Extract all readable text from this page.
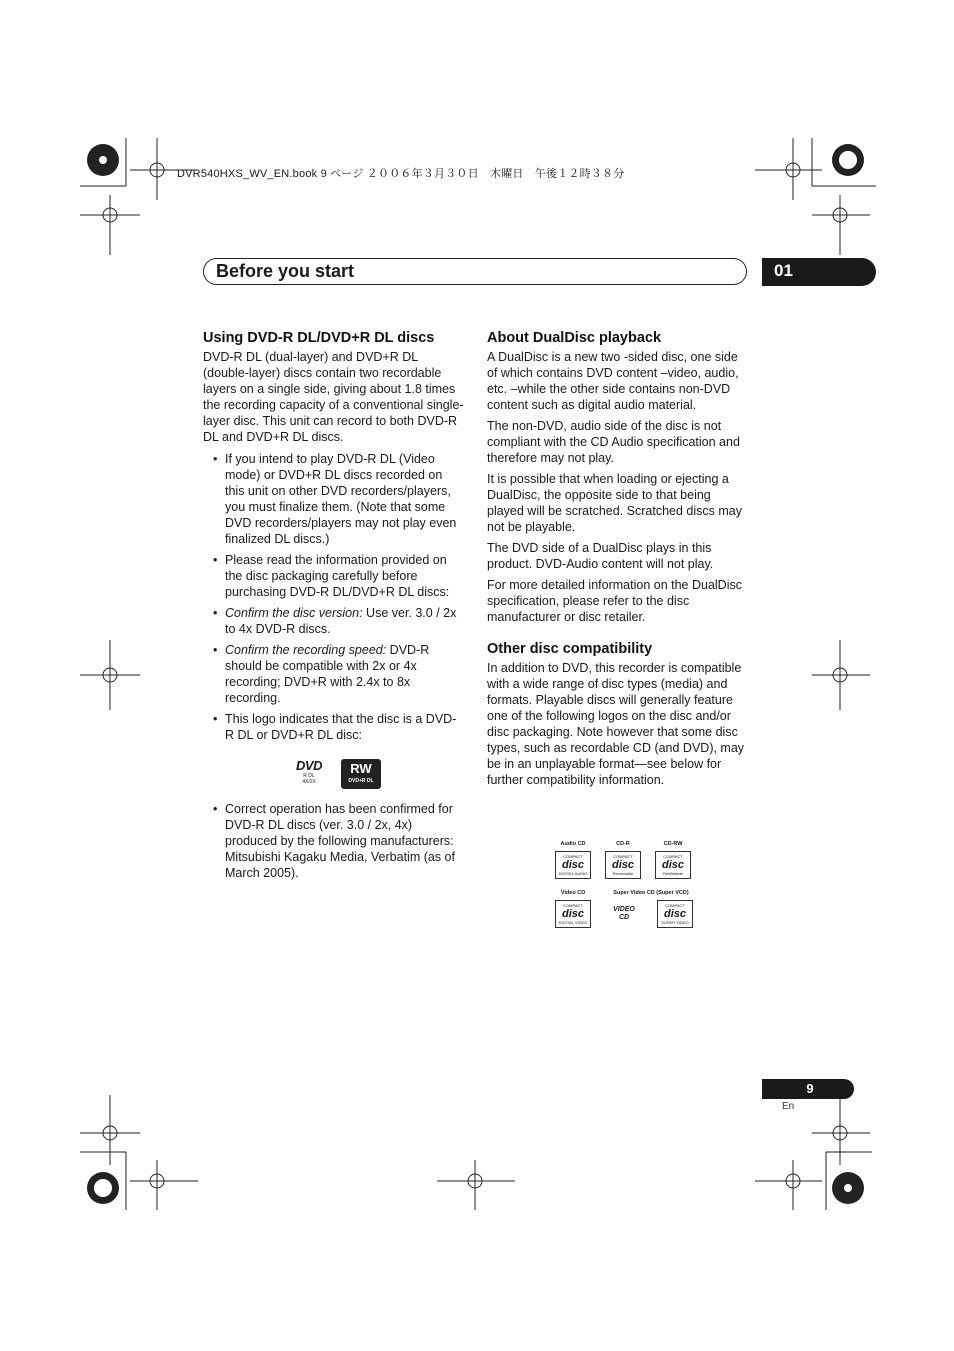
DVR540HXS_WV_EN.book 9 ページ ２００６年３月３０日　木曜日　午後１２時３８分
Before you start	01
Using DVD-R DL/DVD+R DL discs

DVD-R DL (dual-layer) and DVD+R DL (double-layer) discs contain two recordable layers on a single side, giving about 1.8 times the recording capacity of a conventional single-layer disc. This unit can record to both DVD-R DL and DVD+R DL discs.

• If you intend to play DVD-R DL (Video mode) or DVD+R DL discs recorded on this unit on other DVD recorders/players, you must finalize them. (Note that some DVD recorders/players may not play even finalized DL discs.)
• Please read the information provided on the disc packaging carefully before purchasing DVD-R DL/DVD+R DL discs:
• Confirm the disc version: Use ver. 3.0 / 2x to 4x DVD-R discs.
• Confirm the recording speed: DVD-R should be compatible with 2x or 4x recording; DVD+R with 2.4x to 8x recording.
• This logo indicates that the disc is a DVD-R DL or DVD+R DL disc:
DVD
R DL
4X/2X
RW
DVD+R DL
• Correct operation has been confirmed for DVD-R DL discs (ver. 3.0 / 2x, 4x) produced by the following manufacturers: Mitsubishi Kagaku Media, Verbatim (as of March 2005).
About DualDisc playback

A DualDisc is a new two -sided disc, one side of which contains DVD content –video, audio, etc. –while the other side contains non-DVD content such as digital audio material.

The non-DVD, audio side of the disc is not compliant with the CD Audio specification and therefore may not play.

It is possible that when loading or ejecting a DualDisc, the opposite side to that being played will be scratched. Scratched discs may not be playable.

The DVD side of a DualDisc plays in this product. DVD-Audio content will not play.

For more detailed information on the DualDisc specification, please refer to the disc manufacturer or disc retailer.

Other disc compatibility

In addition to DVD, this recorder is compatible with a wide range of disc types (media) and formats. Playable discs will generally feature one of the following logos on the disc and/or disc packaging. Note however that some disc types, such as recordable CD (and DVD), may be in an unplayable format—see below for further compatibility information.

Audio CD
COMPACT
disc
DIGITAL AUDIO
CD-R
COMPACT
disc
Recordable
CD-RW
COMPACT
disc
ReWritable
Video CD
COMPACT
disc
DIGITAL VIDEO
Super Video CD (Super VCD)
VIDEO CD
COMPACT
disc
SUPER VIDEO
9
En
